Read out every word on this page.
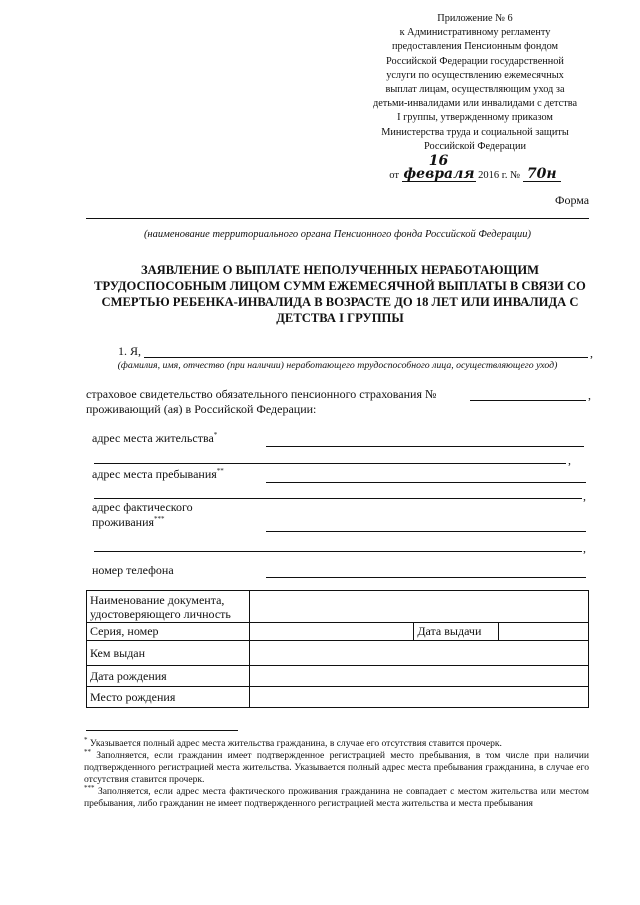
Приложение № 6
к Административному регламенту
предоставления Пенсионным фондом
Российской Федерации государственной
услуги по осуществлению ежемесячных
выплат лицам, осуществляющим уход за
детьми-инвалидами или инвалидами с детства
I группы, утвержденному приказом
Министерства труда и социальной защиты
Российской Федерации
от 16 февраля 2016 г. № 70н
Форма
(наименование территориального органа Пенсионного фонда Российской Федерации)
ЗАЯВЛЕНИЕ О ВЫПЛАТЕ НЕПОЛУЧЕННЫХ НЕРАБОТАЮЩИМ ТРУДОСПОСОБНЫМ ЛИЦОМ СУММ ЕЖЕМЕСЯЧНОЙ ВЫПЛАТЫ В СВЯЗИ СО СМЕРТЬЮ РЕБЕНКА-ИНВАЛИДА В ВОЗРАСТЕ ДО 18 ЛЕТ ИЛИ ИНВАЛИДА С ДЕТСТВА I ГРУППЫ
1. Я,	,
(фамилия, имя, отчество (при наличии) неработающего трудоспособного лица, осуществляющего уход)
страховое свидетельство обязательного пенсионного страхования №	,
проживающий (ая) в Российской Федерации:
адрес места жительства*
,
адрес места пребывания**
,
адрес фактического
проживания***
,
номер телефона
Наименование документа, удостоверяющего личность			
Серия, номер		Дата выдачи	
Кем выдан			
Дата рождения			
Место рождения			
* Указывается полный адрес места жительства гражданина, в случае его отсутствия ставится прочерк.
** Заполняется, если гражданин имеет подтвержденное регистрацией место пребывания, в том числе при наличии подтвержденного регистрацией места жительства. Указывается полный адрес места пребывания гражданина, в случае его отсутствия ставится прочерк.
*** Заполняется, если адрес места фактического проживания гражданина не совпадает с местом жительства или местом пребывания, либо гражданин не имеет подтвержденного регистрацией места жительства и места пребывания
